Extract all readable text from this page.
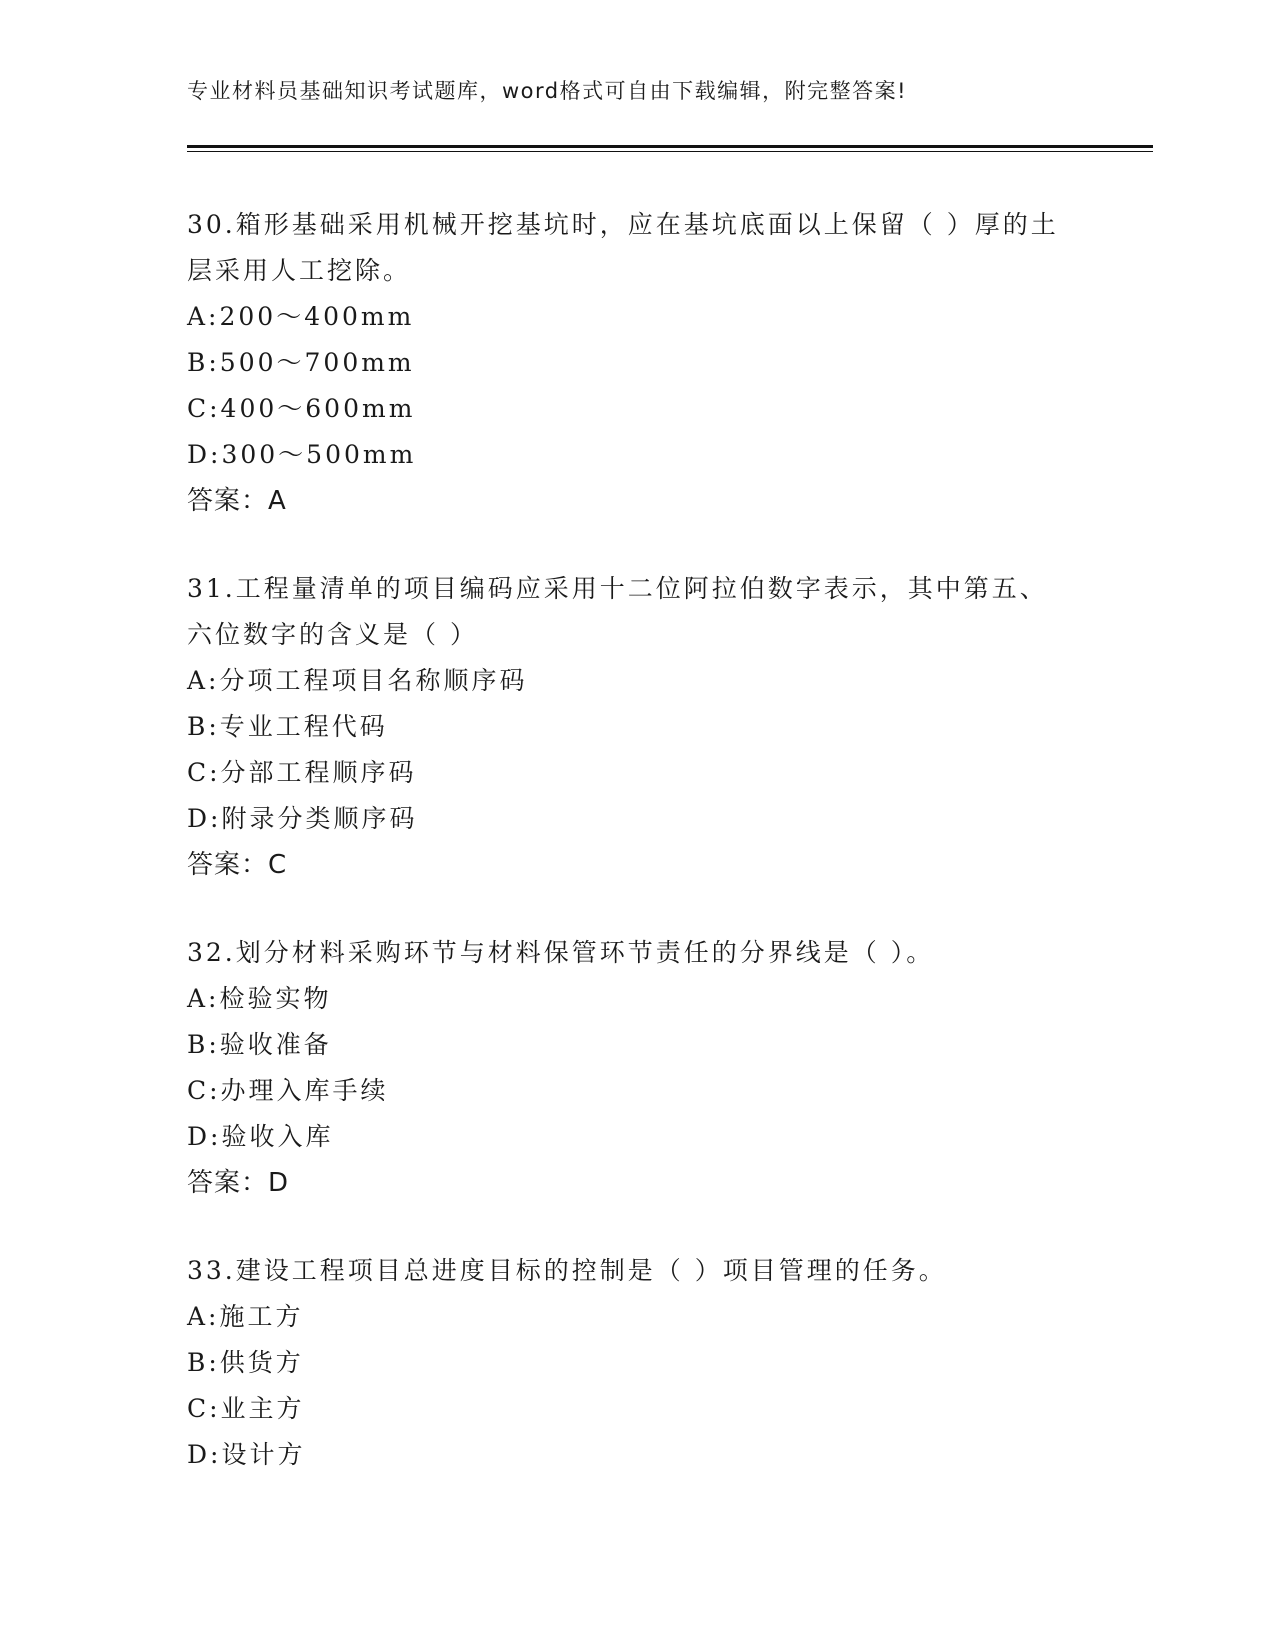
专业材料员基础知识考试题库，word格式可自由下载编辑，附完整答案!

30.箱形基础采用机械开挖基坑时，应在基坑底面以上保留（ ）厚的土层采用人工挖除。

A:200～400mm

B:500～700mm

C:400～600mm

D:300～500mm

答案：A

31.工程量清单的项目编码应采用十二位阿拉伯数字表示，其中第五、六位数字的含义是（ ）

A:分项工程项目名称顺序码

B:专业工程代码

C:分部工程顺序码

D:附录分类顺序码

答案：C

32.划分材料采购环节与材料保管环节责任的分界线是（ ）。

A:检验实物

B:验收准备

C:办理入库手续

D:验收入库

答案：D

33.建设工程项目总进度目标的控制是（ ）项目管理的任务。

A:施工方

B:供货方

C:业主方

D:设计方
